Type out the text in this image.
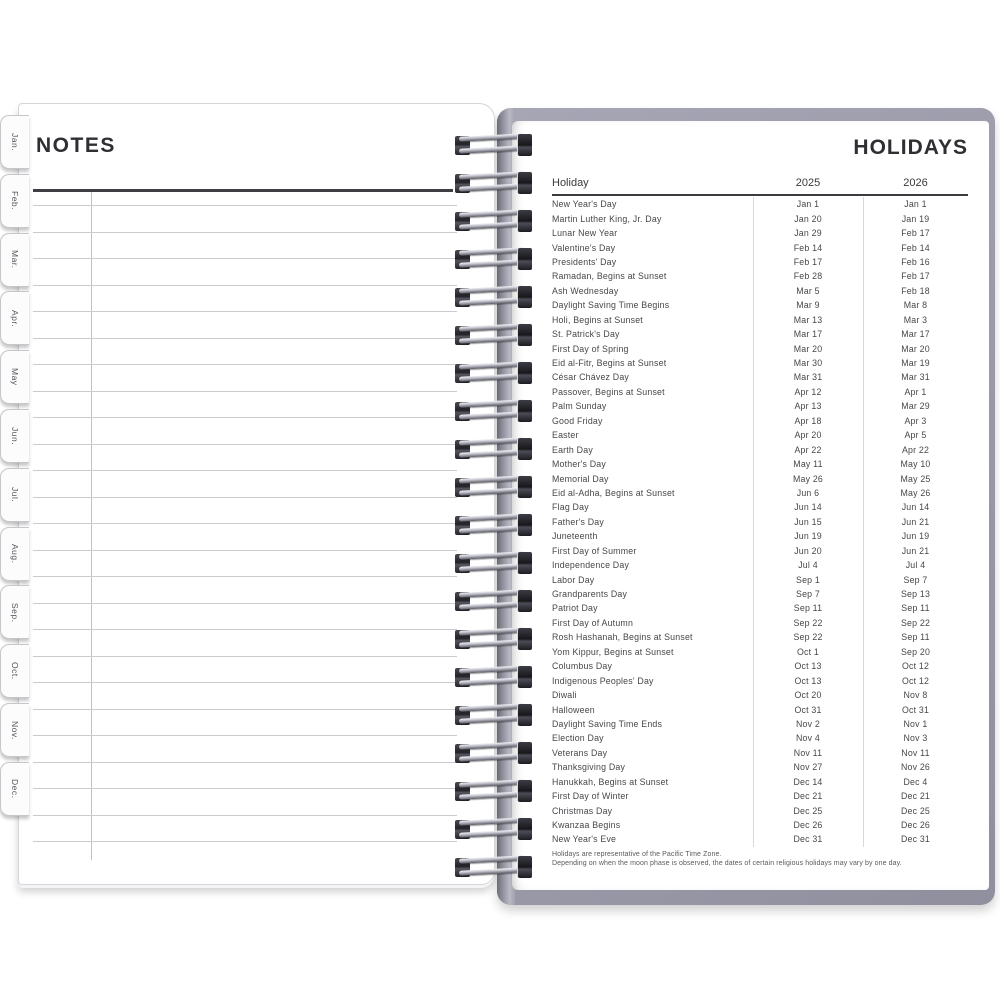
NOTES
Jan.
Feb.
Mar.
Apr.
May
Jun.
Jul.
Aug.
Sep.
Oct.
Nov.
Dec.
HOLIDAYS
Holiday	2025	2026
New Year's Day	Jan 1	Jan 1
Martin Luther King, Jr. Day	Jan 20	Jan 19
Lunar New Year	Jan 29	Feb 17
Valentine's Day	Feb 14	Feb 14
Presidents' Day	Feb 17	Feb 16
Ramadan, Begins at Sunset	Feb 28	Feb 17
Ash Wednesday	Mar 5	Feb 18
Daylight Saving Time Begins	Mar 9	Mar 8
Holi, Begins at Sunset	Mar 13	Mar 3
St. Patrick's Day	Mar 17	Mar 17
First Day of Spring	Mar 20	Mar 20
Eid al-Fitr, Begins at Sunset	Mar 30	Mar 19
César Chávez Day	Mar 31	Mar 31
Passover, Begins at Sunset	Apr 12	Apr 1
Palm Sunday	Apr 13	Mar 29
Good Friday	Apr 18	Apr 3
Easter	Apr 20	Apr 5
Earth Day	Apr 22	Apr 22
Mother's Day	May 11	May 10
Memorial Day	May 26	May 25
Eid al-Adha, Begins at Sunset	Jun 6	May 26
Flag Day	Jun 14	Jun 14
Father's Day	Jun 15	Jun 21
Juneteenth	Jun 19	Jun 19
First Day of Summer	Jun 20	Jun 21
Independence Day	Jul 4	Jul 4
Labor Day	Sep 1	Sep 7
Grandparents Day	Sep 7	Sep 13
Patriot Day	Sep 11	Sep 11
First Day of Autumn	Sep 22	Sep 22
Rosh Hashanah, Begins at Sunset	Sep 22	Sep 11
Yom Kippur, Begins at Sunset	Oct 1	Sep 20
Columbus Day	Oct 13	Oct 12
Indigenous Peoples' Day	Oct 13	Oct 12
Diwali	Oct 20	Nov 8
Halloween	Oct 31	Oct 31
Daylight Saving Time Ends	Nov 2	Nov 1
Election Day	Nov 4	Nov 3
Veterans Day	Nov 11	Nov 11
Thanksgiving Day	Nov 27	Nov 26
Hanukkah, Begins at Sunset	Dec 14	Dec 4
First Day of Winter	Dec 21	Dec 21
Christmas Day	Dec 25	Dec 25
Kwanzaa Begins	Dec 26	Dec 26
New Year's Eve	Dec 31	Dec 31
Holidays are representative of the Pacific Time Zone.
Depending on when the moon phase is observed, the dates of certain religious holidays may vary by one day.
